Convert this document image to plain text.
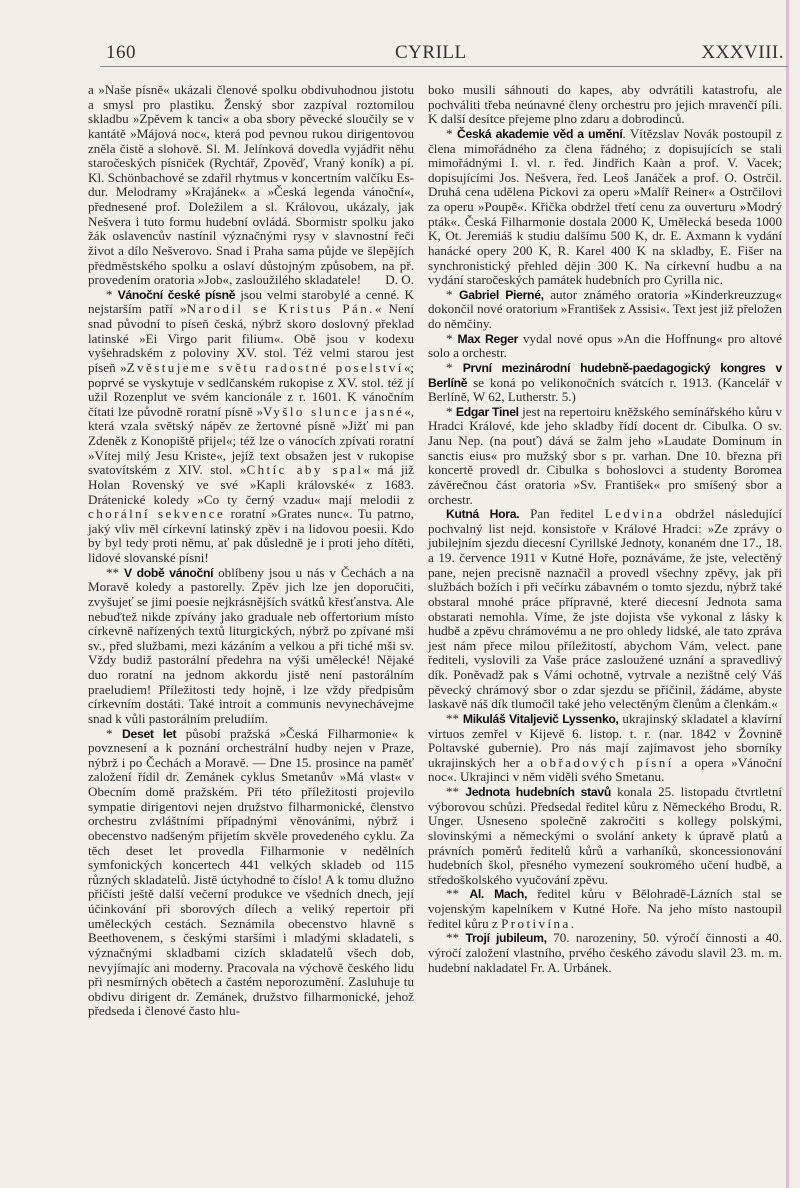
160	CYRILL	XXXVIII.

a »Naše písně« ukázali členové spolku obdivuhodnou jistotu a smysl pro plastiku. Ženský sbor zazpíval roztomilou skladbu »Zpěvem k tanci« a oba sbory pěvecké sloučily se v kantátě »Májová noc«, která pod pevnou rukou dirigentovou zněla čistě a slohově. Sl. M. Jelínková dovedla vyjádřit něhu staročeských písniček (Rychtář, Zpověď, Vraný koník) a pí. Kl. Schönbachové se zdařil rhytmus v koncertním valčíku Es-dur. Melodramy »Krajánek« a »Česká legenda vánoční«, přednesené prof. Doležilem a sl. Královou, ukázaly, jak Nešvera i tuto formu hudební ovládá. Sbormistr spolku jako žák oslavencův nastínil význačnými rysy v slavnostní řeči život a dílo Nešverovo. Snad i Praha sama půjde ve šlepějích předměstského spolku a oslaví důstojným způsobem, na př. provedením oratoria »Job«, zasloužilého skladatele! D. O.

* Vánoční české písně jsou velmi starobylé a cenné. K nejstarším patří »Narodil se Kristus Pán.« Není snad původní to píseň česká, nýbrž skoro doslovný překlad latinské »Ei Virgo parit filium«. Obě jsou v kodexu vyšehradském z poloviny XV. stol. Též velmi starou jest píseň »Zvěstujeme světu radostné poselství«; poprvé se vyskytuje v sedlčanském rukopise z XV. stol. též jí užil Rozenplut ve svém kancionále z r. 1601. K vánočním čítati lze původně roratní písně »Vyšlo slunce jasné«, která vzala světský nápěv ze žertovné písně »Jižť mi pan Zdeněk z Konopiště přijel«; též lze o vánocích zpívati roratní »Vítej milý Jesu Kriste«, jejíž text obsažen jest v rukopise svatovítském z XIV. stol. »Chtíc aby spal« má již Holan Rovenský ve své »Kapli královské« z 1683. Drátenické koledy »Co ty černý vzadu« mají melodii z chorální sekvence roratní »Grates nunc«. Tu patrno, jaký vliv měl církevní latinský zpěv i na lidovou poesii. Kdo by byl tedy proti němu, ať pak důsledně je i proti jeho dítěti, lidové slovanské písni!

** V době vánoční oblíbeny jsou u nás v Čechách a na Moravě koledy a pastorelly. Zpěv jich lze jen doporučiti, zvyšujeť se jimi poesie nejkrásnějších svátků křesťanstva. Ale nebuďtež nikde zpívány jako graduale neb offertorium místo církevně nařízených textů liturgických, nýbrž po zpívané mši sv., před službami, mezi kázáním a velkou a při tiché mši sv. Vždy budiž pastorální předehra na výši umělecké! Nějaké duo roratní na jednom akkordu jistě není pastorálním praeludiem! Příležitosti tedy hojně, i lze vždy předpisům církevním dostáti. Také introit a communis nevynechávejme snad k vůli pastorálním preludiím.

* Deset let působí pražská »Česká Filharmonie« k povznesení a k poznání orchestrální hudby nejen v Praze, nýbrž i po Čechách a Moravě. — Dne 15. prosince na paměť založení řídil dr. Zemánek cyklus Smetanův »Má vlast« v Obecním domě pražském. Při této příležitosti projevilo sympatie dirigentovi nejen družstvo filharmonické, členstvo orchestru zvláštními případnými věnováními, nýbrž i obecenstvo nadšeným přijetím skvěle provedeného cyklu. Za těch deset let provedla Filharmonie v nedělních symfonických koncertech 441 velkých skladeb od 115 různých skladatelů. Jistě úctyhodné to číslo! A k tomu dlužno přičísti ještě další večerní produkce ve všedních dnech, její účinkování při sborových dílech a veliký repertoir při uměleckých cestách. Seznámila obecenstvo hlavně s Beethovenem, s českými staršími i mladými skladateli, s význačnými skladbami cizích skladatelů všech dob, nevyjímajíc ani moderny. Pracovala na výchově českého lidu při nesmírných obětech a častém neporozumění. Zasluhuje tu obdivu dirigent dr. Zemánek, družstvo filharmonické, jehož předseda i členové často hlu-

boko musili sáhnouti do kapes, aby odvrátili katastrofu, ale pochváliti třeba neúnavné členy orchestru pro jejich mravenčí píli. K další desítce přejeme plno zdaru a dobrodinců.

* Česká akademie věd a umění. Vítězslav Novák postoupil z člena mimořádného za člena řádného; z dopisujících se stali mimořádnými I. vl. r. řed. Jindřich Kaàn a prof. V. Vacek; dopisujícími Jos. Nešvera, řed. Leoš Janáček a prof. O. Ostrčil. Druhá cena udělena Pickovi za operu »Malíř Reiner« a Ostrčilovi za operu »Poupě«. Křička obdržel třetí cenu za ouverturu »Modrý pták«. Česká Filharmonie dostala 2000 K, Umělecká beseda 1000 K, Ot. Jeremiáš k studiu dalšímu 500 K, dr. E. Axmann k vydání hanácké opery 200 K, R. Karel 400 K na skladby, E. Fišer na synchronistický přehled dějin 300 K. Na církevní hudbu a na vydání staročeských památek hudebních pro Cyrilla nic.

* Gabriel Pierné, autor známého oratoria »Kinderkreuzzug« dokončil nové oratorium »František z Assisi«. Text jest již přeložen do němčiny.

* Max Reger vydal nové opus »An die Hoffnung« pro altové solo a orchestr.

* První mezinárodní hudebně-paedagogický kongres v Berlíně se koná po velikonočních svátcích r. 1913. (Kancelář v Berlíně, W 62, Lutherstr. 5.)

* Edgar Tinel jest na repertoiru kněžského semínářského kůru v Hradci Králové, kde jeho skladby řídí docent dr. Cibulka. O sv. Janu Nep. (na pouť) dává se žalm jeho »Laudate Dominum in sanctis eius« pro mužský sbor s pr. varhan. Dne 10. března při koncertě provedl dr. Cibulka s bohoslovci a studenty Boromea závěrečnou část oratoria »Sv. František« pro smíšený sbor a orchestr.

Kutná Hora. Pan ředitel Ledvina obdržel následující pochvalný list nejd. konsistoře v Králové Hradci: »Ze zprávy o jubilejním sjezdu diecesní Cyrillské Jednoty, konaném dne 17., 18. a 19. července 1911 v Kutné Hoře, poznáváme, že jste, velectěný pane, nejen precisně naznačil a provedl všechny zpěvy, jak při službách božích i při večírku zábavném o tomto sjezdu, nýbrž také obstaral mnohé práce přípravné, které diecesní Jednota sama obstarati nemohla. Víme, že jste dojista vše vykonal z lásky k hudbě a zpěvu chrámovému a ne pro ohledy lidské, ale tato zpráva jest nám přece milou příležitostí, abychom Vám, velect. pane řediteli, vyslovili za Vaše práce zasloužené uznání a spravedlivý dík. Poněvadž pak s Vámi ochotně, vytrvale a nezištně celý Váš pěvecký chrámový sbor o zdar sjezdu se přičinil, žádáme, abyste laskavě náš dík tlumočil také jeho velectěným členům a členkám.«

** Mikuláš Vitaljevič Lyssenko, ukrajinský skladatel a klavírní virtuos zemřel v Kijevě 6. listop. t. r. (nar. 1842 v Žovnině Poltavské gubernie). Pro nás mají zajímavost jeho sborníky ukrajinských her a obřadových písní a opera »Vánoční noc«. Ukrajinci v něm viděli svého Smetanu.

** Jednota hudebních stavů konala 25. listopadu čtvrtletní výborovou schůzi. Předsedal ředitel kůru z Německého Brodu, R. Unger. Usneseno společně zakročiti s kollegy polskými, slovinskými a německými o svolání ankety k úpravě platů a právních poměrů ředitelů kůrů a varhaníků, skoncessionování hudebních škol, přesného vymezení soukromého učení hudbě, a středoškolského vyučování zpěvu.

** Al. Mach, ředitel kůru v Bělohradě-Lázních stal se vojenským kapelníkem v Kutné Hoře. Na jeho místo nastoupil ředitel kůru z Protivína.

** Trojí jubileum, 70. narozeniny, 50. výročí činnosti a 40. výročí založení vlastního, prvého českého závodu slavil 23. m. m. hudební nakladatel Fr. A. Urbánek.
